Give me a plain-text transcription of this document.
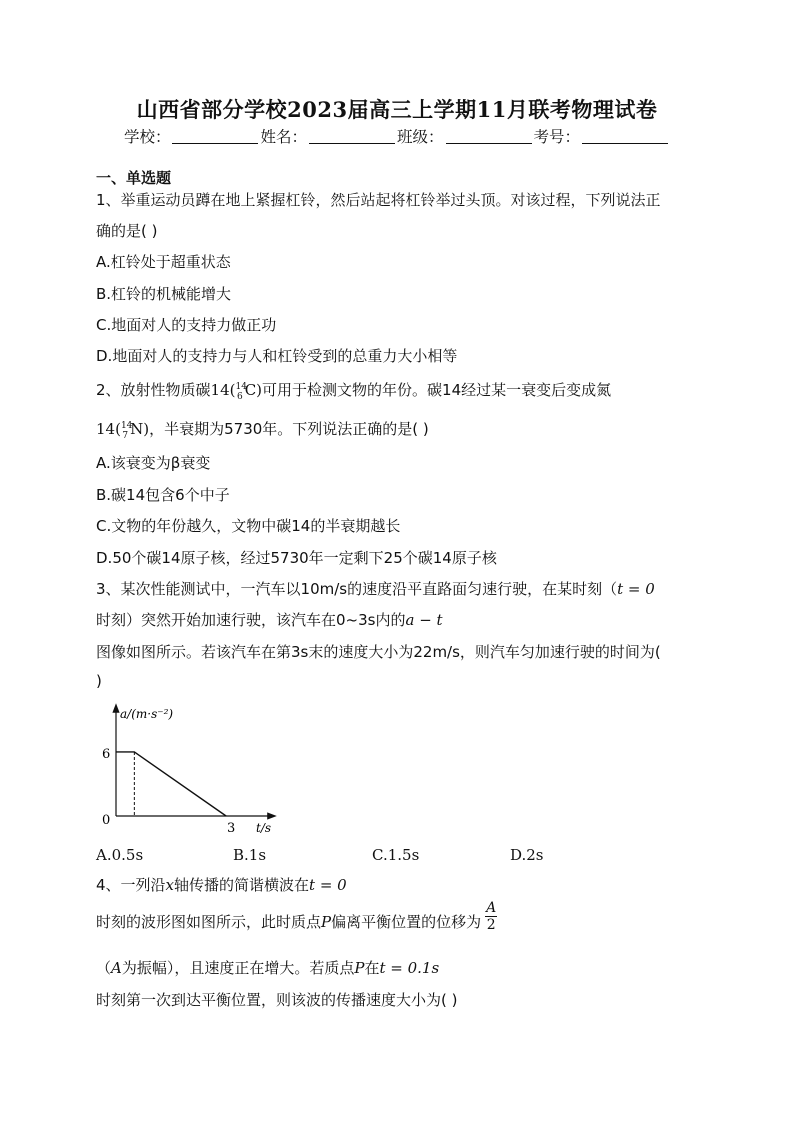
山西省部分学校2023届高三上学期11月联考物理试卷
学校：	姓名：	班级：	考号：
一、单选题
1、举重运动员蹲在地上紧握杠铃，然后站起将杠铃举过头顶。对该过程，下列说法正
确的是( )
A.杠铃处于超重状态
B.杠铃的机械能增大
C.地面对人的支持力做正功
D.地面对人的支持力与人和杠铃受到的总重力大小相等
2、放射性物质碳14($^{14}_6$ C)可用于检测文物的年份。碳14经过某一衰变后变成氮
14($^{14}_7$ N)，半衰期为5730年。下列说法正确的是( )
A.该衰变为β衰变
B.碳14包含6个中子
C.文物的年份越久，文物中碳14的半衰期越长
D.50个碳14原子核，经过5730年一定剩下25个碳14原子核
3、某次性能测试中，一汽车以10m/s的速度沿平直路面匀速行驶，在某时刻（t = 0
时刻）突然开始加速行驶，该汽车在0~3s内的a − t
图像如图所示。若该汽车在第3s末的速度大小为22m/s，则汽车匀加速行驶的时间为(
)
a/(m·s⁻²)
t/s
6
0
3
A.0.5s	B.1s	C.1.5s	D.2s
4、一列沿x轴传播的简谐横波在t = 0
时刻的波形图如图所示，此时质点P偏离平衡位置的位移为 $\frac{A}{2}$
（A为振幅），且速度正在增大。若质点P在t = 0.1s
时刻第一次到达平衡位置，则该波的传播速度大小为( )
